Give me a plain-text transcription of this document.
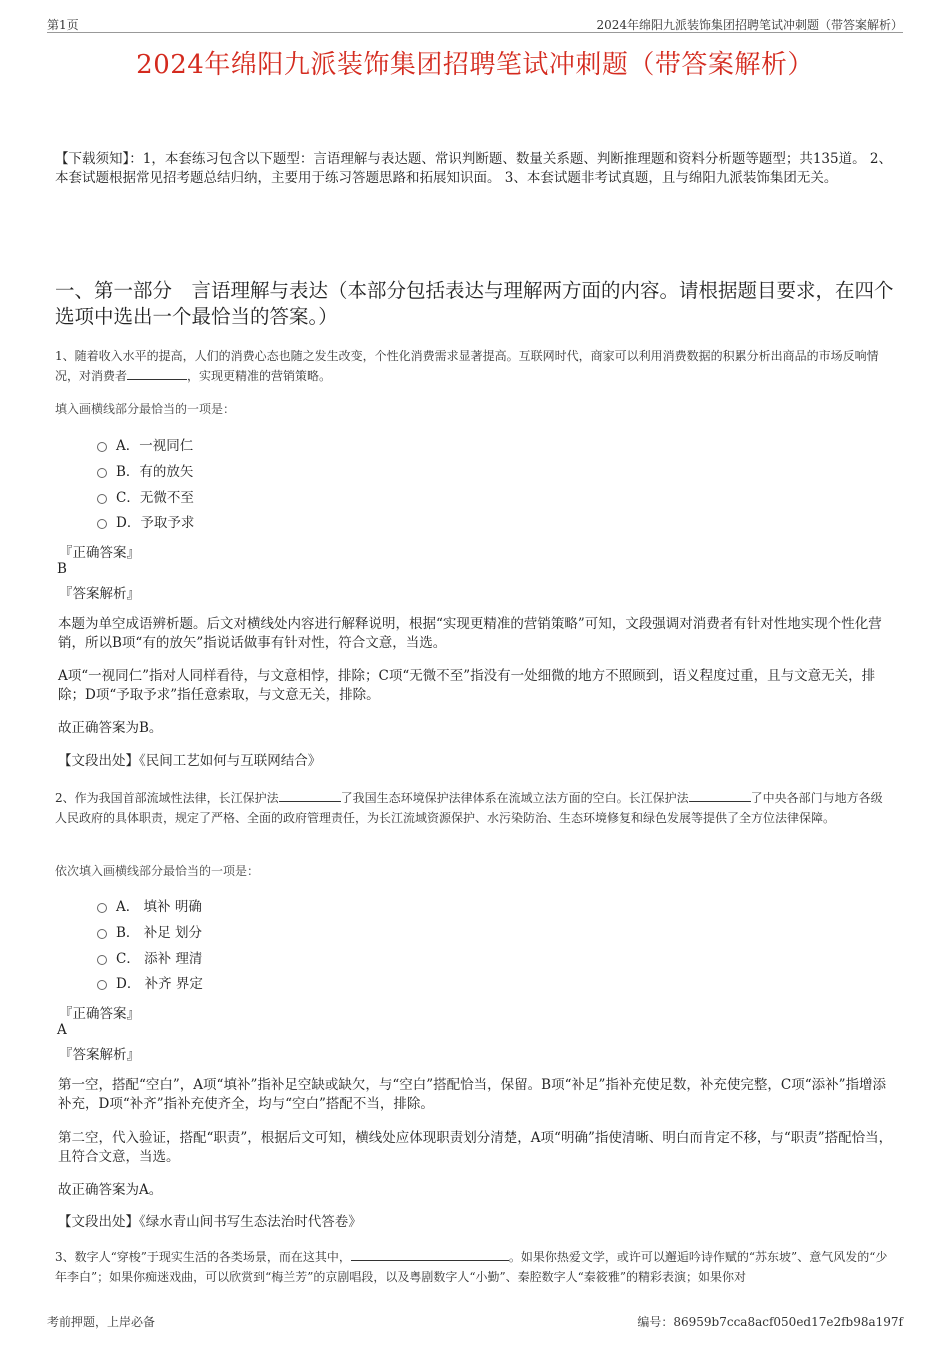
第1页	2024年绵阳九派装饰集团招聘笔试冲刺题（带答案解析）
2024年绵阳九派装饰集团招聘笔试冲刺题（带答案解析）
【下载须知】：1，本套练习包含以下题型：言语理解与表达题、常识判断题、数量关系题、判断推理题和资料分析题等题型；共135道。 2、本套试题根据常见招考题总结归纳，主要用于练习答题思路和拓展知识面。 3、本套试题非考试真题，且与绵阳九派装饰集团无关。
一、第一部分　言语理解与表达（本部分包括表达与理解两方面的内容。请根据题目要求，在四个选项中选出一个最恰当的答案。）
1、随着收入水平的提高，人们的消费心态也随之发生改变，个性化消费需求显著提高。互联网时代，商家可以利用消费数据的积累分析出商品的市场反响情况，对消费者	，实现更精准的营销策略。
填入画横线部分最恰当的一项是：
A．一视同仁
B．有的放矢
C．无微不至
D．予取予求
『正确答案』
B
『答案解析』
本题为单空成语辨析题。后文对横线处内容进行解释说明，根据“实现更精准的营销策略”可知，文段强调对消费者有针对性地实现个性化营销，所以B项“有的放矢”指说话做事有针对性，符合文意，当选。
A项“一视同仁”指对人同样看待，与文意相悖，排除；C项“无微不至”指没有一处细微的地方不照顾到，语义程度过重，且与文意无关，排除；D项“予取予求”指任意索取，与文意无关，排除。
故正确答案为B。
【文段出处】《民间工艺如何与互联网结合》
2、作为我国首部流域性法律，长江保护法	了我国生态环境保护法律体系在流域立法方面的空白。长江保护法	了中央各部门与地方各级人民政府的具体职责，规定了严格、全面的政府管理责任，为长江流域资源保护、水污染防治、生态环境修复和绿色发展等提供了全方位法律保障。
依次填入画横线部分最恰当的一项是：
A． 填补 明确
B． 补足 划分
C． 添补 理清
D． 补齐 界定
『正确答案』
A
『答案解析』
第一空，搭配“空白”，A项“填补”指补足空缺或缺欠，与“空白”搭配恰当，保留。B项“补足”指补充使足数，补充使完整，C项“添补”指增添补充，D项“补齐”指补充使齐全，均与“空白”搭配不当，排除。
第二空，代入验证，搭配“职责”，根据后文可知，横线处应体现职责划分清楚，A项“明确”指使清晰、明白而肯定不移，与“职责”搭配恰当，且符合文意，当选。
故正确答案为A。
【文段出处】《绿水青山间书写生态法治时代答卷》
3、数字人“穿梭”于现实生活的各类场景，而在这其中，	。如果你热爱文学，或许可以邂逅吟诗作赋的“苏东坡”、意气风发的“少年李白”；如果你痴迷戏曲，可以欣赏到“梅兰芳”的京剧唱段，以及粤剧数字人“小勤”、秦腔数字人“秦筱雅”的精彩表演；如果你对
考前押题，上岸必备	编号：86959b7cca8acf050ed17e2fb98a197f
